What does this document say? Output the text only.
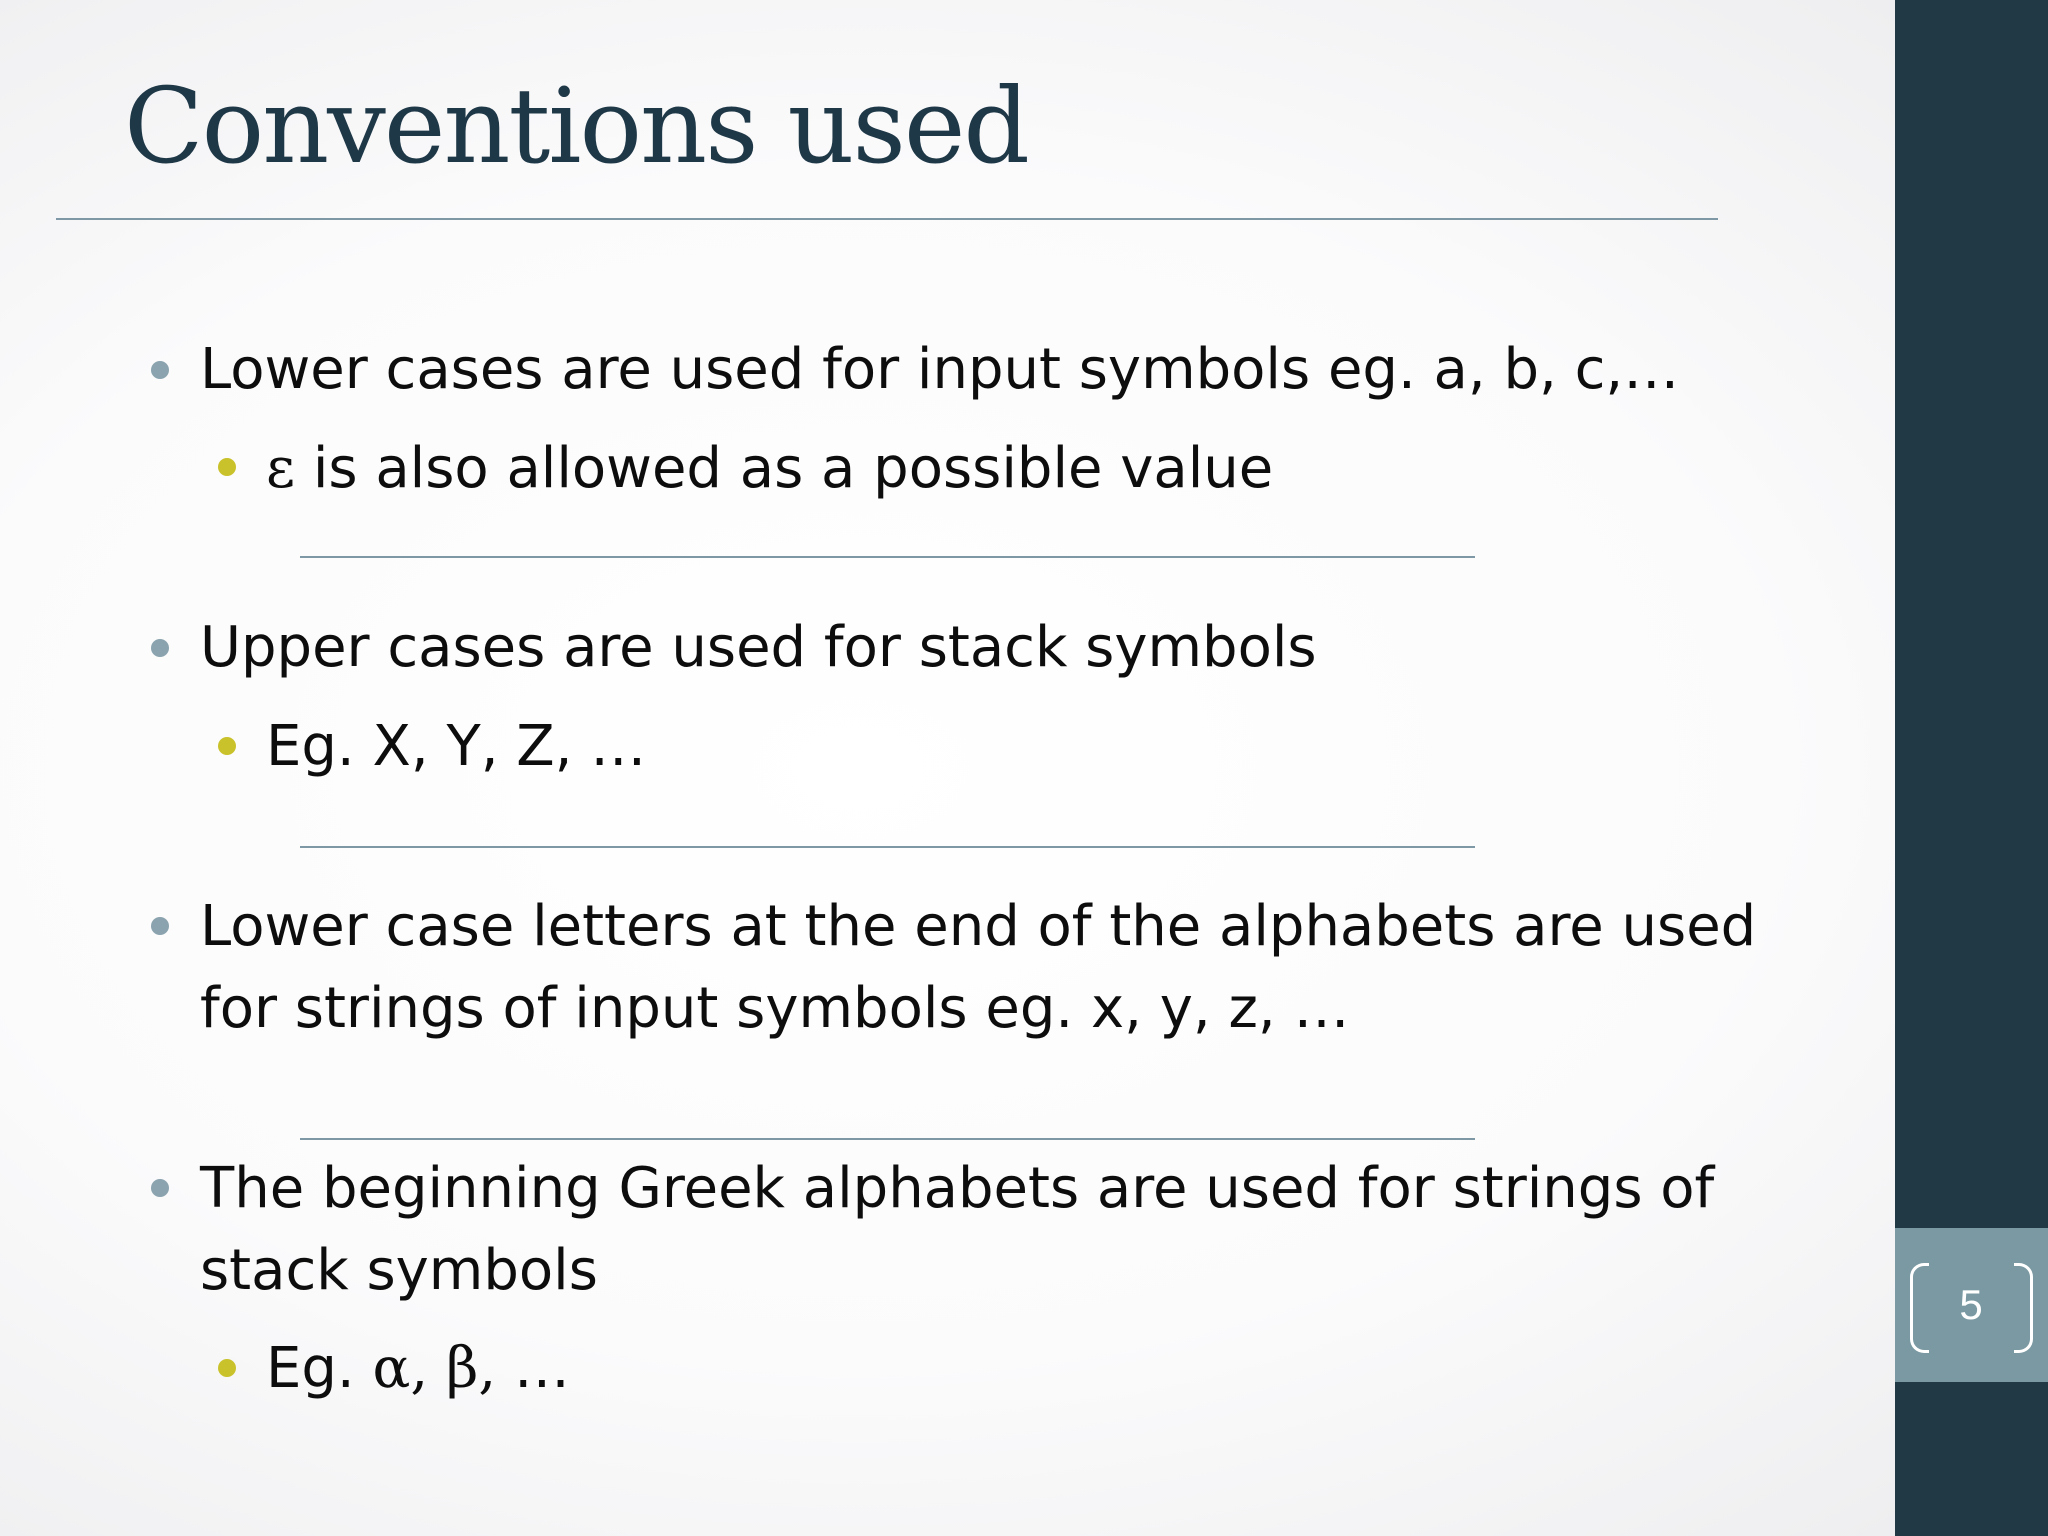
Conventions used
5
Lower cases are used for input symbols eg. a, b, c,…
ε is also allowed as a possible value
Upper cases are used for stack symbols
Eg. X, Y, Z, …
Lower case letters at the end of the alphabets are used
for strings of input symbols eg. x, y, z, …
The beginning Greek alphabets are used for strings of
stack symbols
Eg. α, β, …
